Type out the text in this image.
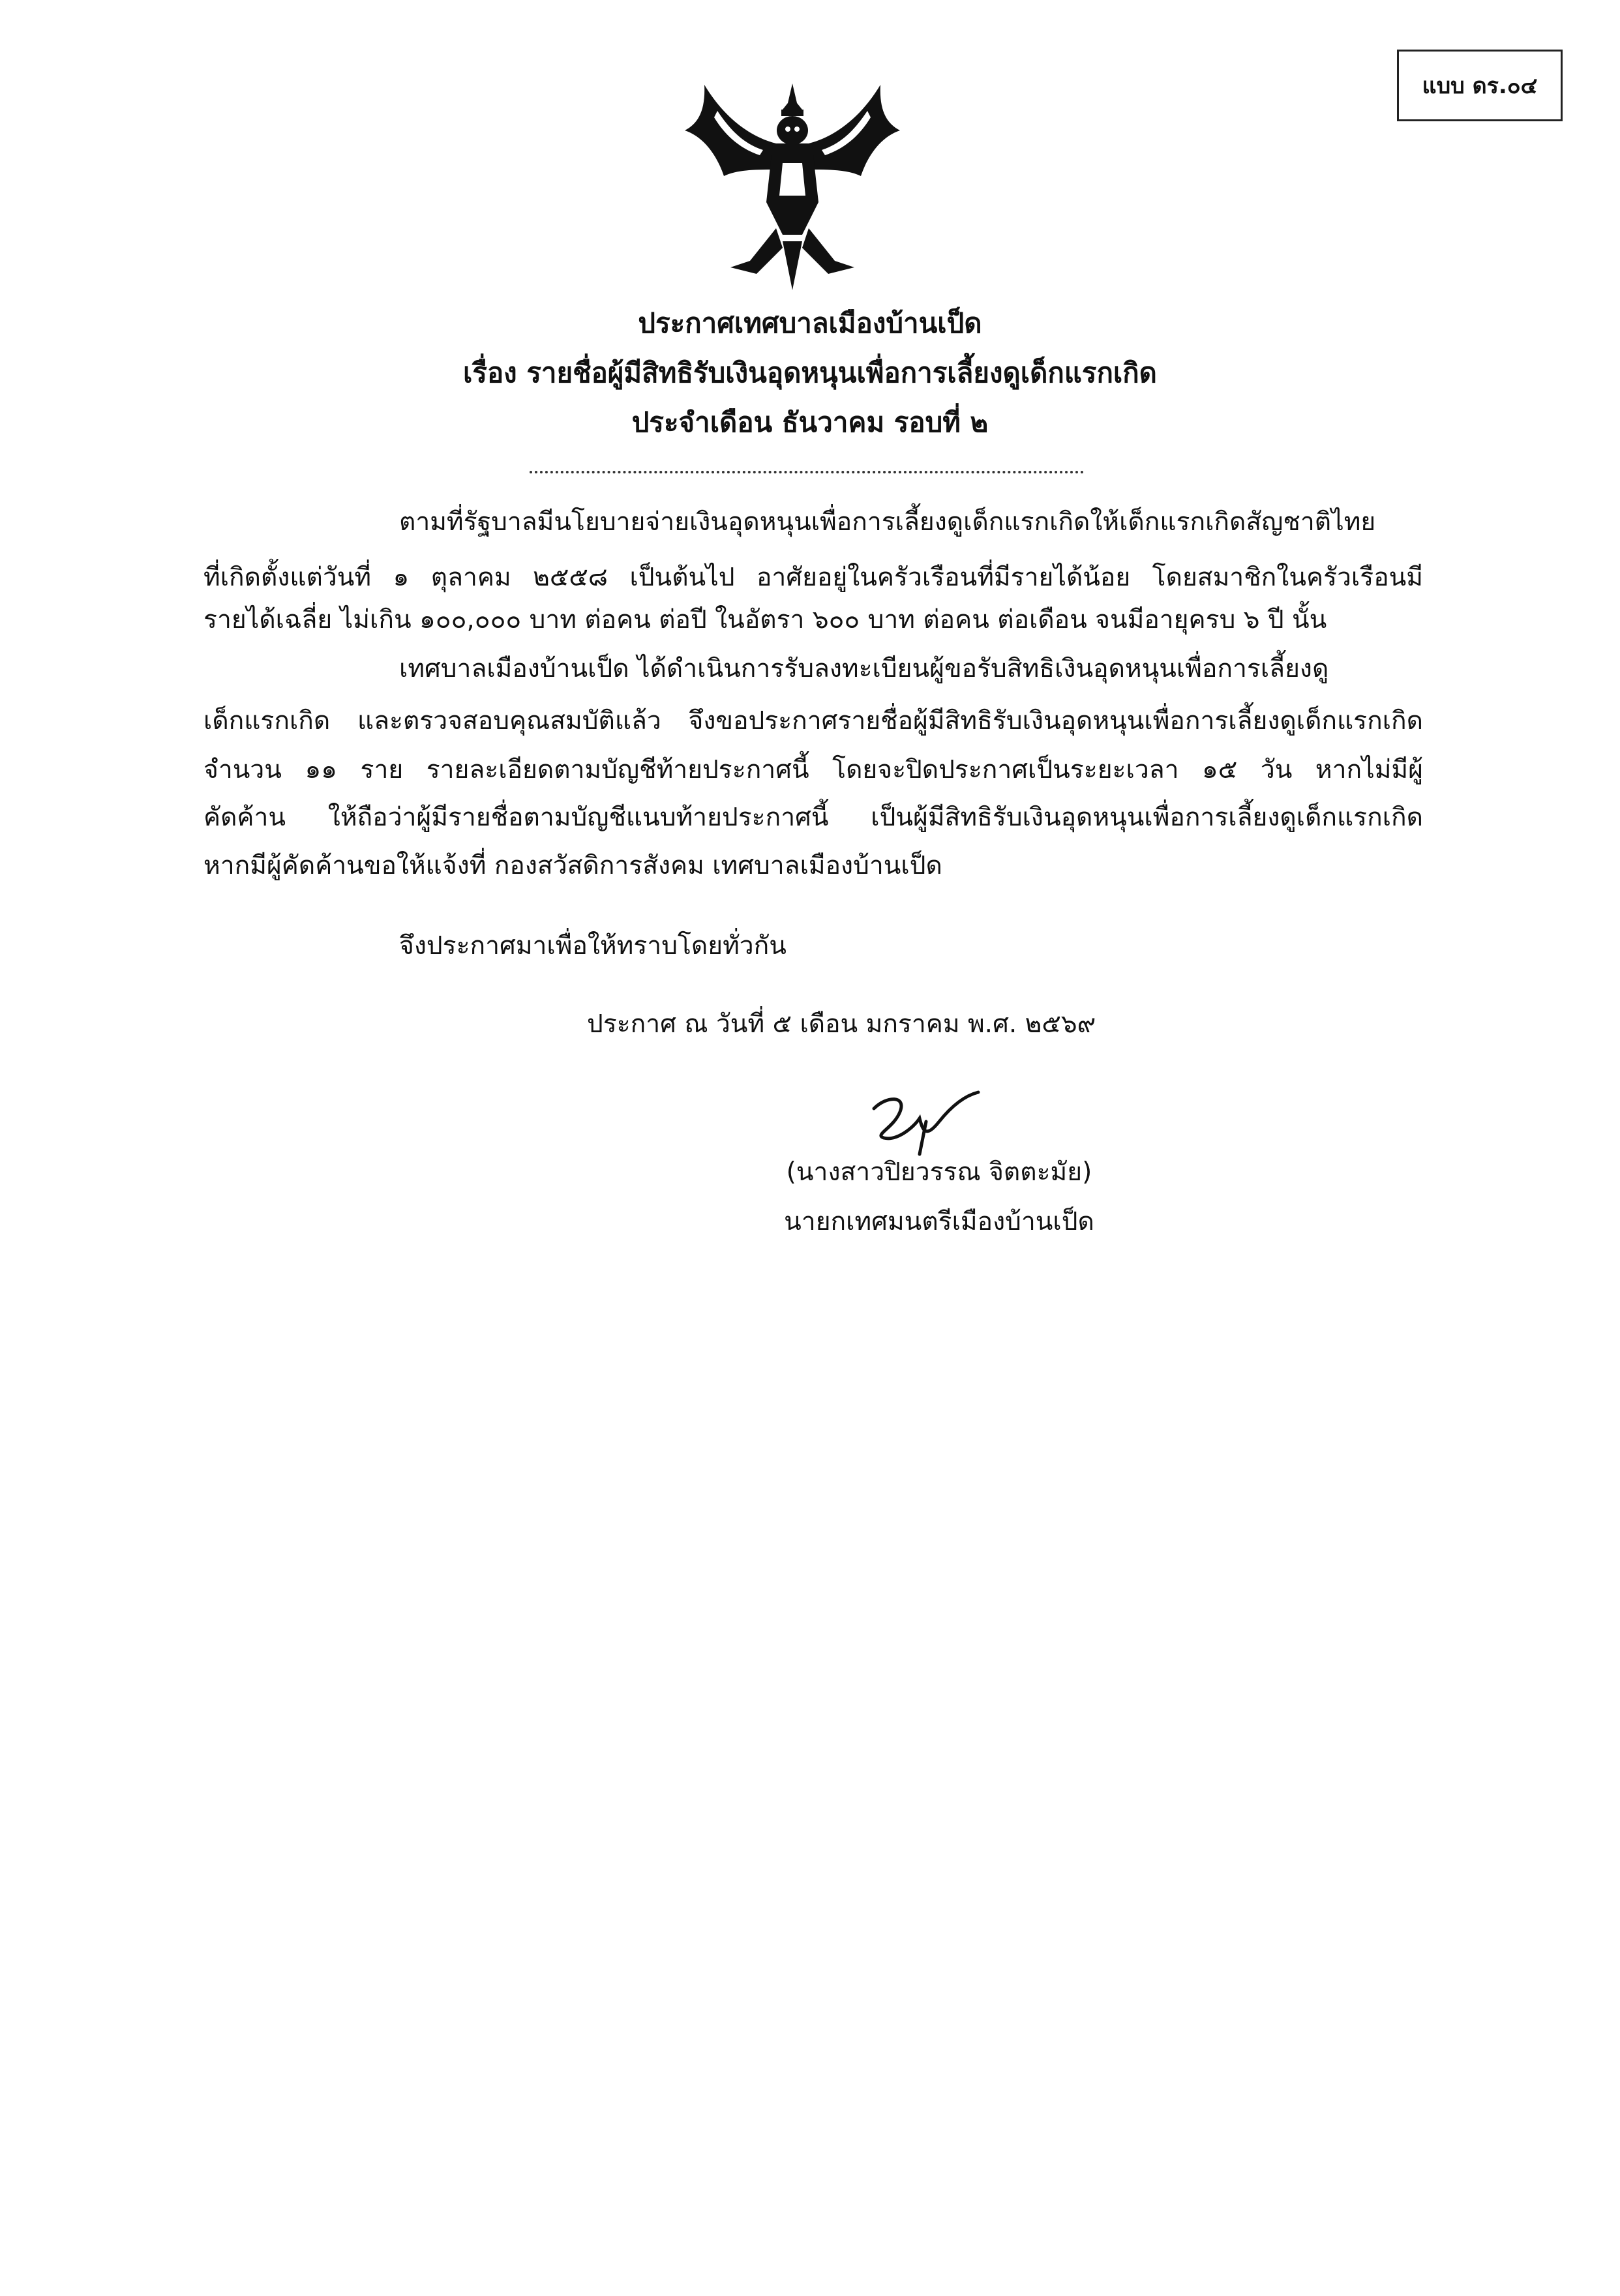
แบบ ดร.๐๔
ประกาศเทศบาลเมืองบ้านเป็ด
เรื่อง รายชื่อผู้มีสิทธิรับเงินอุดหนุนเพื่อการเลี้ยงดูเด็กแรกเกิด
ประจำเดือน ธันวาคม รอบที่ ๒
ตามที่รัฐบาลมีนโยบายจ่ายเงินอุดหนุนเพื่อการเลี้ยงดูเด็กแรกเกิดให้เด็กแรกเกิดสัญชาติไทย
ที่เกิดตั้งแต่วันที่ ๑ ตุลาคม ๒๕๕๘ เป็นต้นไป อาศัยอยู่ในครัวเรือนที่มีรายได้น้อย โดยสมาชิกในครัวเรือนมี
รายได้เฉลี่ย ไม่เกิน ๑๐๐,๐๐๐ บาท ต่อคน ต่อปี ในอัตรา ๖๐๐ บาท ต่อคน ต่อเดือน จนมีอายุครบ ๖ ปี นั้น
เทศบาลเมืองบ้านเป็ด ได้ดำเนินการรับลงทะเบียนผู้ขอรับสิทธิเงินอุดหนุนเพื่อการเลี้ยงดู
เด็กแรกเกิด และตรวจสอบคุณสมบัติแล้ว จึงขอประกาศรายชื่อผู้มีสิทธิรับเงินอุดหนุนเพื่อการเลี้ยงดูเด็กแรกเกิด
จำนวน ๑๑ ราย รายละเอียดตามบัญชีท้ายประกาศนี้ โดยจะปิดประกาศเป็นระยะเวลา ๑๕ วัน หากไม่มีผู้
คัดค้าน ให้ถือว่าผู้มีรายชื่อตามบัญชีแนบท้ายประกาศนี้ เป็นผู้มีสิทธิรับเงินอุดหนุนเพื่อการเลี้ยงดูเด็กแรกเกิด
หากมีผู้คัดค้านขอให้แจ้งที่ กองสวัสดิการสังคม เทศบาลเมืองบ้านเป็ด
จึงประกาศมาเพื่อให้ทราบโดยทั่วกัน
ประกาศ ณ วันที่ ๕ เดือน มกราคม พ.ศ. ๒๕๖๙
(นางสาวปิยวรรณ จิตตะมัย)
นายกเทศมนตรีเมืองบ้านเป็ด
